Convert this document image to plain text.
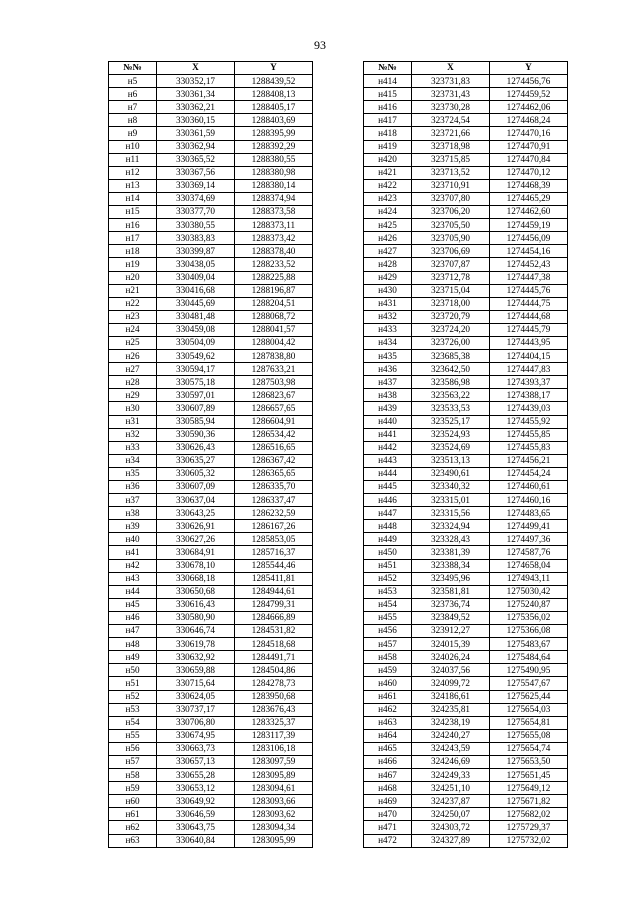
93
№№	X	Y
н5	330352,17	1288439,52
н6	330361,34	1288408,13
н7	330362,21	1288405,17
н8	330360,15	1288403,69
н9	330361,59	1288395,99
н10	330362,94	1288392,29
н11	330365,52	1288380,55
н12	330367,56	1288380,98
н13	330369,14	1288380,14
н14	330374,69	1288374,94
н15	330377,70	1288373,58
н16	330380,55	1288373,11
н17	330383,83	1288373,42
н18	330399,87	1288378,40
н19	330438,05	1288233,52
н20	330409,04	1288225,88
н21	330416,68	1288196,87
н22	330445,69	1288204,51
н23	330481,48	1288068,72
н24	330459,08	1288041,57
н25	330504,09	1288004,42
н26	330549,62	1287838,80
н27	330594,17	1287633,21
н28	330575,18	1287503,98
н29	330597,01	1286823,67
н30	330607,89	1286657,65
н31	330585,94	1286604,91
н32	330590,36	1286534,42
н33	330626,43	1286516,65
н34	330635,27	1286367,42
н35	330605,32	1286365,65
н36	330607,09	1286335,70
н37	330637,04	1286337,47
н38	330643,25	1286232,59
н39	330626,91	1286167,26
н40	330627,26	1285853,05
н41	330684,91	1285716,37
н42	330678,10	1285544,46
н43	330668,18	1285411,81
н44	330650,68	1284944,61
н45	330616,43	1284799,31
н46	330580,90	1284666,89
н47	330646,74	1284531,82
н48	330619,78	1284518,68
н49	330632,92	1284491,71
н50	330659,88	1284504,86
н51	330715,64	1284278,73
н52	330624,05	1283950,68
н53	330737,17	1283676,43
н54	330706,80	1283325,37
н55	330674,95	1283117,39
н56	330663,73	1283106,18
н57	330657,13	1283097,59
н58	330655,28	1283095,89
н59	330653,12	1283094,61
н60	330649,92	1283093,66
н61	330646,59	1283093,62
н62	330643,75	1283094,34
н63	330640,84	1283095,99
№№	X	Y
н414	323731,83	1274456,76
н415	323731,43	1274459,52
н416	323730,28	1274462,06
н417	323724,54	1274468,24
н418	323721,66	1274470,16
н419	323718,98	1274470,91
н420	323715,85	1274470,84
н421	323713,52	1274470,12
н422	323710,91	1274468,39
н423	323707,80	1274465,29
н424	323706,20	1274462,60
н425	323705,50	1274459,19
н426	323705,90	1274456,09
н427	323706,69	1274454,16
н428	323707,87	1274452,43
н429	323712,78	1274447,38
н430	323715,04	1274445,76
н431	323718,00	1274444,75
н432	323720,79	1274444,68
н433	323724,20	1274445,79
н434	323726,00	1274443,95
н435	323685,38	1274404,15
н436	323642,50	1274447,83
н437	323586,98	1274393,37
н438	323563,22	1274388,17
н439	323533,53	1274439,03
н440	323525,17	1274455,92
н441	323524,93	1274455,85
н442	323524,69	1274455,83
н443	323513,13	1274456,21
н444	323490,61	1274454,24
н445	323340,32	1274460,61
н446	323315,01	1274460,16
н447	323315,56	1274483,65
н448	323324,94	1274499,41
н449	323328,43	1274497,36
н450	323381,39	1274587,76
н451	323388,34	1274658,04
н452	323495,96	1274943,11
н453	323581,81	1275030,42
н454	323736,74	1275240,87
н455	323849,52	1275356,02
н456	323912,27	1275366,08
н457	324015,39	1275483,67
н458	324026,24	1275484,64
н459	324037,56	1275490,95
н460	324099,72	1275547,67
н461	324186,61	1275625,44
н462	324235,81	1275654,03
н463	324238,19	1275654,81
н464	324240,27	1275655,08
н465	324243,59	1275654,74
н466	324246,69	1275653,50
н467	324249,33	1275651,45
н468	324251,10	1275649,12
н469	324237,87	1275671,82
н470	324250,07	1275682,02
н471	324303,72	1275729,37
н472	324327,89	1275732,02
